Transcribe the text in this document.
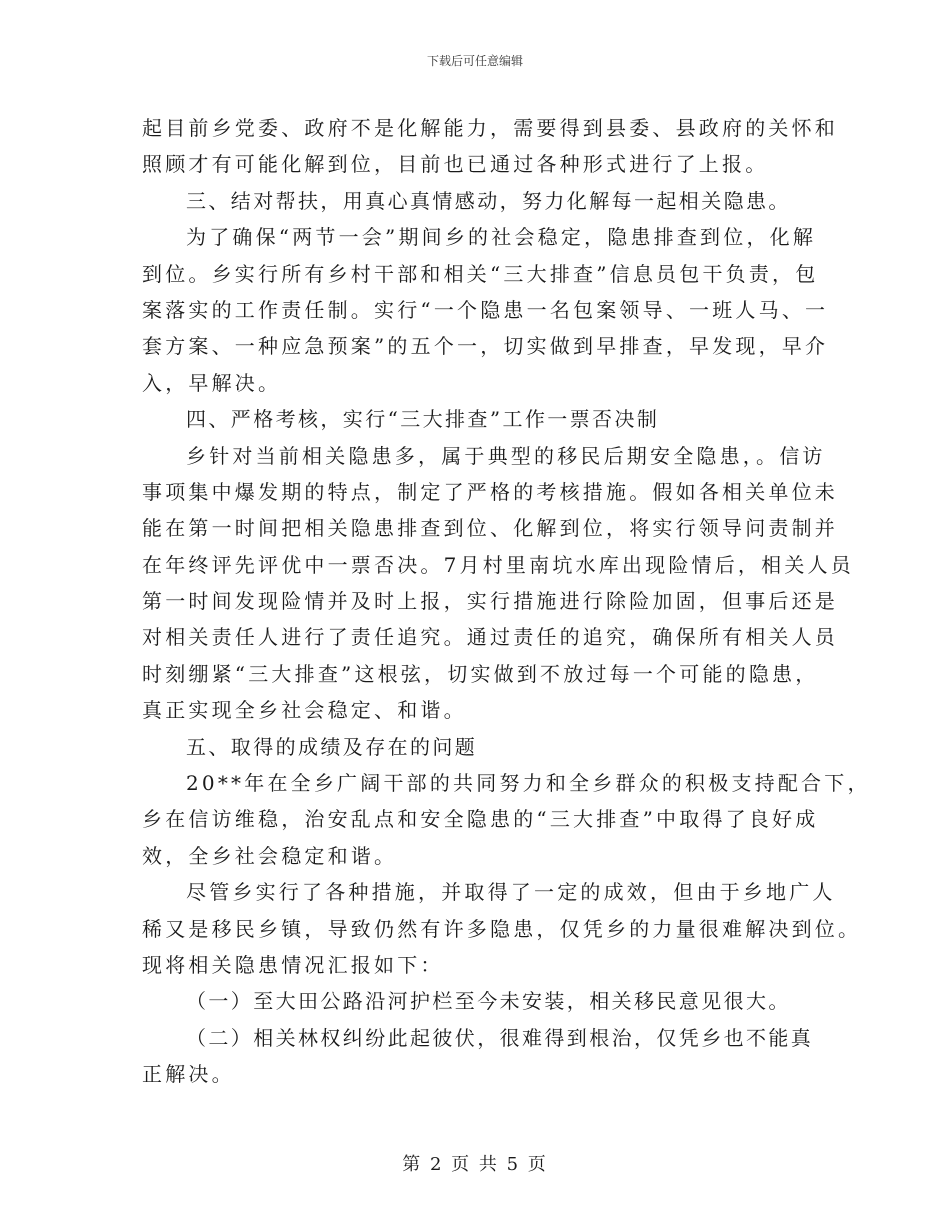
下载后可任意编辑
起目前乡党委、政府不是化解能力，需要得到县委、县政府的关怀和
照顾才有可能化解到位，目前也已通过各种形式进行了上报。
三、结对帮扶，用真心真情感动，努力化解每一起相关隐患。
为了确保“两节一会”期间乡的社会稳定，隐患排查到位，化解
到位。乡实行所有乡村干部和相关“三大排查”信息员包干负责，包
案落实的工作责任制。实行“一个隐患一名包案领导、一班人马、一
套方案、一种应急预案”的五个一，切实做到早排查，早发现，早介
入，早解决。
四、严格考核，实行“三大排查”工作一票否决制
乡针对当前相关隐患多，属于典型的移民后期安全隐患，。信访
事项集中爆发期的特点，制定了严格的考核措施。假如各相关单位未
能在第一时间把相关隐患排查到位、化解到位，将实行领导问责制并
在年终评先评优中一票否决。7月村里南坑水库出现险情后，相关人员
第一时间发现险情并及时上报，实行措施进行除险加固，但事后还是
对相关责任人进行了责任追究。通过责任的追究，确保所有相关人员
时刻绷紧“三大排查”这根弦，切实做到不放过每一个可能的隐患，
真正实现全乡社会稳定、和谐。
五、取得的成绩及存在的问题
20**年在全乡广阔干部的共同努力和全乡群众的积极支持配合下，
乡在信访维稳，治安乱点和安全隐患的“三大排查”中取得了良好成
效，全乡社会稳定和谐。
尽管乡实行了各种措施，并取得了一定的成效，但由于乡地广人
稀又是移民乡镇，导致仍然有许多隐患，仅凭乡的力量很难解决到位。
现将相关隐患情况汇报如下：
（一）至大田公路沿河护栏至今未安装，相关移民意见很大。
（二）相关林权纠纷此起彼伏，很难得到根治，仅凭乡也不能真
正解决。
第 2 页 共 5 页
